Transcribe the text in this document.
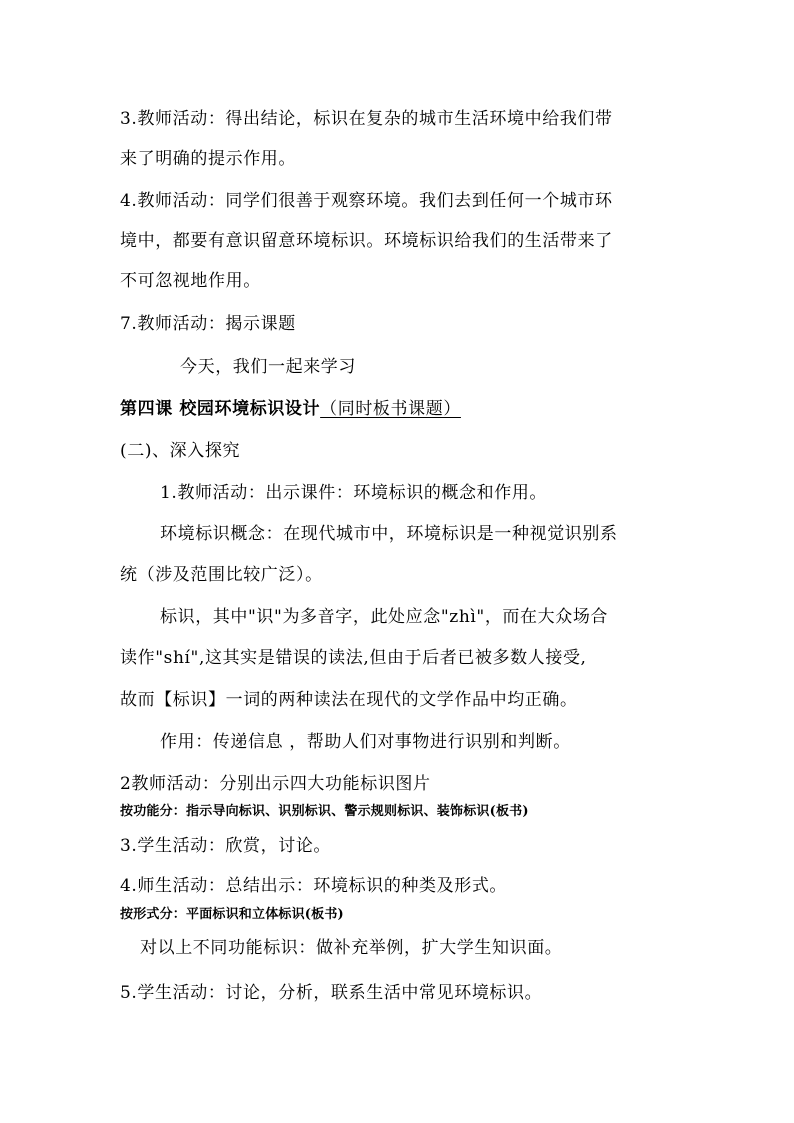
3.教师活动：得出结论，标识在复杂的城市生活环境中给我们带
来了明确的提示作用。
4.教师活动：同学们很善于观察环境。我们去到任何一个城市环
境中，都要有意识留意环境标识。环境标识给我们的生活带来了
不可忽视地作用。
7.教师活动：揭示课题
今天，我们一起来学习
第四课 校园环境标识设计（同时板书课题）
(二)、深入探究
1.教师活动：出示课件：环境标识的概念和作用。
环境标识概念：在现代城市中，环境标识是一种视觉识别系
统（涉及范围比较广泛）。
标识，其中"识"为多音字，此处应念"zhì"，而在大众场合
读作"shí",这其实是错误的读法,但由于后者已被多数人接受,
故而【标识】一词的两种读法在现代的文学作品中均正确。
作用：传递信息 ，帮助人们对事物进行识别和判断。
2教师活动：分别出示四大功能标识图片
按功能分：指示导向标识、识别标识、警示规则标识、装饰标识(板书)
3.学生活动：欣赏，讨论。
4.师生活动：总结出示：环境标识的种类及形式。
按形式分：平面标识和立体标识(板书)
对以上不同功能标识：做补充举例，扩大学生知识面。
5.学生活动：讨论，分析，联系生活中常见环境标识。
